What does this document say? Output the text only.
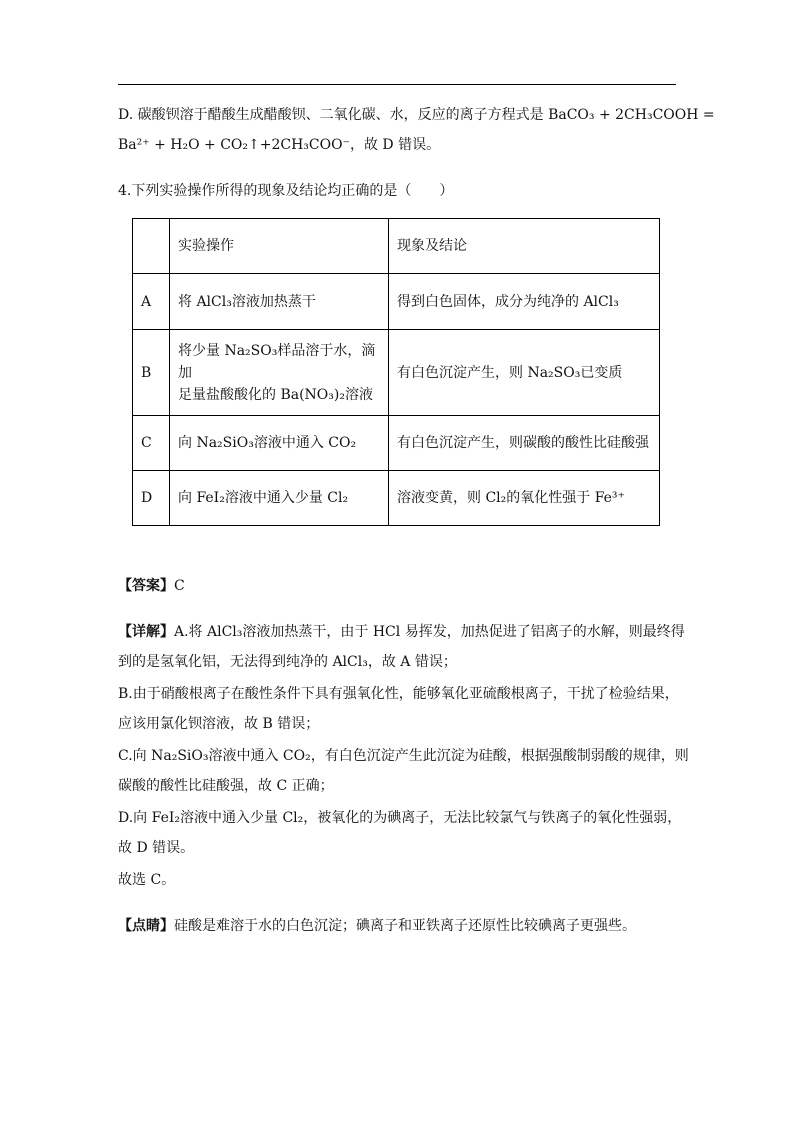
D. 碳酸钡溶于醋酸生成醋酸钡、二氧化碳、水，反应的离子方程式是 BaCO₃ + 2CH₃COOH =
Ba²⁺ + H₂O + CO₂↑+2CH₃COO⁻，故 D 错误。
4.下列实验操作所得的现象及结论均正确的是（　　）
	实验操作	现象及结论
A	将 AlCl₃溶液加热蒸干	得到白色固体，成分为纯净的 AlCl₃
B	将少量 Na₂SO₃样品溶于水，滴加
足量盐酸酸化的 Ba(NO₃)₂溶液	有白色沉淀产生，则 Na₂SO₃已变质
C	向 Na₂SiO₃溶液中通入 CO₂	有白色沉淀产生，则碳酸的酸性比硅酸强
D	向 FeI₂溶液中通入少量 Cl₂	溶液变黄，则 Cl₂的氧化性强于 Fe³⁺
【答案】C
【详解】A.将 AlCl₃溶液加热蒸干，由于 HCl 易挥发，加热促进了铝离子的水解，则最终得
到的是氢氧化铝，无法得到纯净的 AlCl₃，故 A 错误；
B.由于硝酸根离子在酸性条件下具有强氧化性，能够氧化亚硫酸根离子，干扰了检验结果，
应该用氯化钡溶液，故 B 错误；
C.向 Na₂SiO₃溶液中通入 CO₂，有白色沉淀产生此沉淀为硅酸，根据强酸制弱酸的规律，则
碳酸的酸性比硅酸强，故 C 正确；
D.向 FeI₂溶液中通入少量 Cl₂，被氧化的为碘离子，无法比较氯气与铁离子的氧化性强弱，
故 D 错误。
故选 C。
【点睛】硅酸是难溶于水的白色沉淀；碘离子和亚铁离子还原性比较碘离子更强些。
